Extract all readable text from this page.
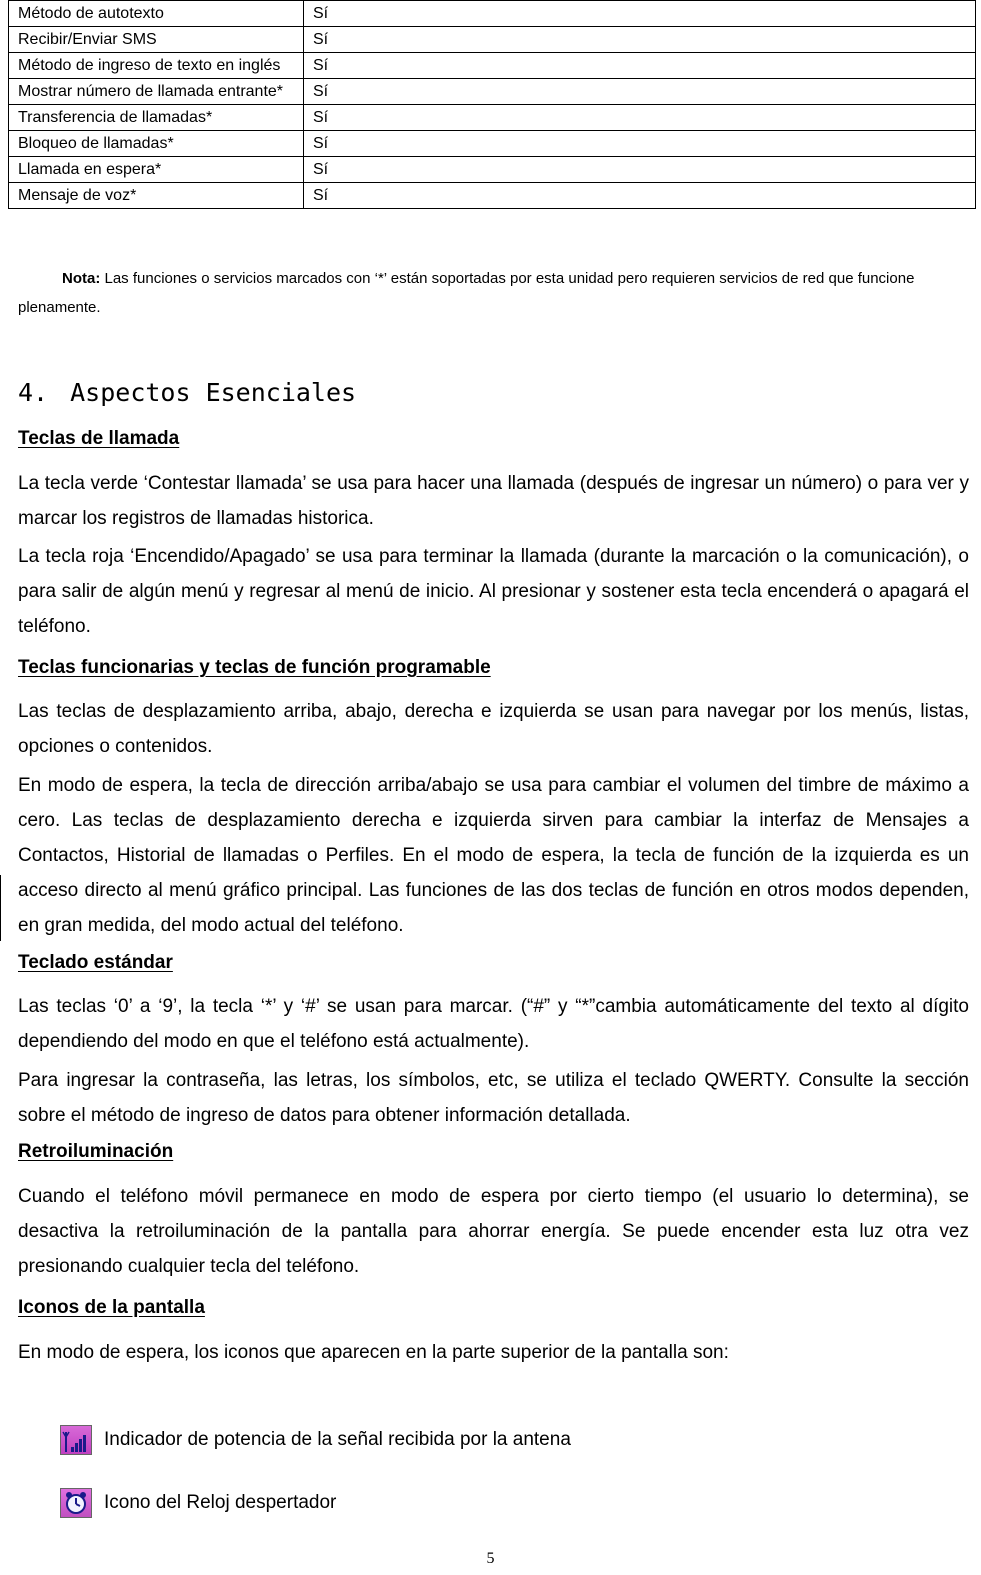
Método de autotexto	Sí
Recibir/Enviar SMS	Sí
Método de ingreso de texto en inglés	Sí
Mostrar número de llamada entrante*	Sí
Transferencia de llamadas*	Sí
Bloqueo de llamadas*	Sí
Llamada en espera*	Sí
Mensaje de voz*	Sí
Nota: Las funciones o servicios marcados con ‘*’ están soportadas por esta unidad pero requieren servicios de red que funcione plenamente.
4. Aspectos Esenciales
Teclas de llamada
La tecla verde ‘Contestar llamada’ se usa para hacer una llamada (después de ingresar un número) o para ver y marcar los registros de llamadas historica.
La tecla roja ‘Encendido/Apagado’ se usa para terminar la llamada (durante la marcación o la comunicación), o para salir de algún menú y regresar al menú de inicio. Al presionar y sostener esta tecla encenderá o apagará el teléfono.
Teclas funcionarias y teclas de función programable
Las teclas de desplazamiento arriba, abajo, derecha e izquierda se usan para navegar por los menús, listas, opciones o contenidos.
En modo de espera, la tecla de dirección arriba/abajo se usa para cambiar el volumen del timbre de máximo a cero. Las teclas de desplazamiento derecha e izquierda sirven para cambiar la interfaz de Mensajes a Contactos, Historial de llamadas o Perfiles. En el modo de espera, la tecla de función de la izquierda es un acceso directo al menú gráfico principal. Las funciones de las dos teclas de función en otros modos dependen, en gran medida, del modo actual del teléfono.
Teclado estándar
Las teclas ‘0’ a ‘9’, la tecla ‘*’ y ‘#’ se usan para marcar. (“#” y “*”cambia automáticamente del texto al dígito dependiendo del modo en que el teléfono está actualmente).
Para ingresar la contraseña, las letras, los símbolos, etc, se utiliza el teclado QWERTY. Consulte la sección sobre el método de ingreso de datos para obtener información detallada.
Retroiluminación
Cuando el teléfono móvil permanece en modo de espera por cierto tiempo (el usuario lo determina), se desactiva la retroiluminación de la pantalla para ahorrar energía. Se puede encender esta luz otra vez presionando cualquier tecla del teléfono.
Iconos de la pantalla
En modo de espera, los iconos que aparecen en la parte superior de la pantalla son:
Indicador de potencia de la señal recibida por la antena
Icono del Reloj despertador
5
